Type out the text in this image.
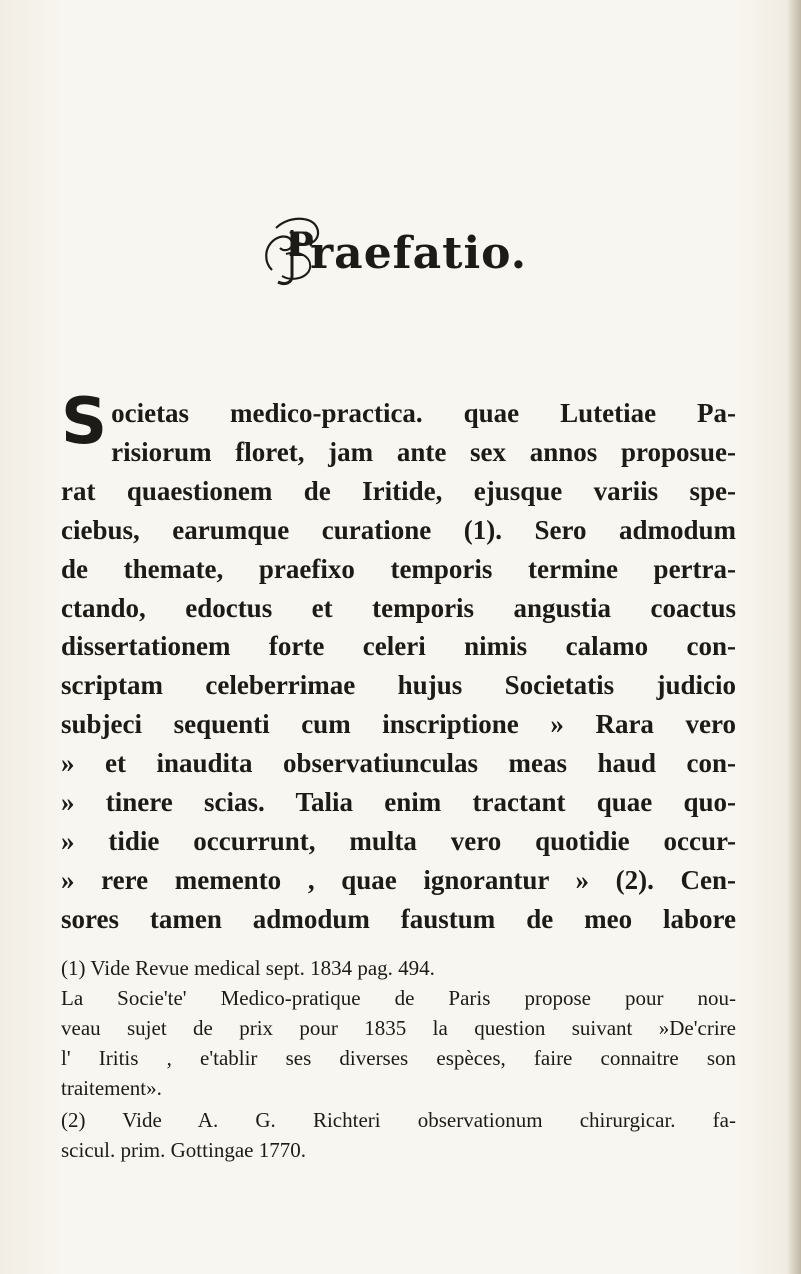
P
raefatio.

S ocietas medico-practica. quae Lutetiae Pa-
risiorum floret, jam ante sex annos proposue-
rat quaestionem de Iritide, ejusque variis spe-
ciebus, earumque curatione (1). Sero admodum
de themate, praefixo temporis termine pertra-
ctando, edoctus et temporis angustia coactus
dissertationem forte celeri nimis calamo con-
scriptam celeberrimae hujus Societatis judicio
subjeci sequenti cum inscriptione » Rara vero
» et inaudita observatiunculas meas haud con-
» tinere scias. Talia enim tractant quae quo-
» tidie occurrunt, multa vero quotidie occur-
» rere memento , quae ignorantur » (2). Cen-
sores tamen admodum faustum de meo labore

(1) Vide Revue medical sept. 1834 pag. 494.
La Socie'te' Medico-pratique de Paris propose pour nou-
veau sujet de prix pour 1835 la question suivant »De'crire
l' Iritis , e'tablir ses diverses espèces, faire connaitre son
traitement».
(2) Vide A. G. Richteri observationum chirurgicar. fa-
scicul. prim. Gottingae 1770.
